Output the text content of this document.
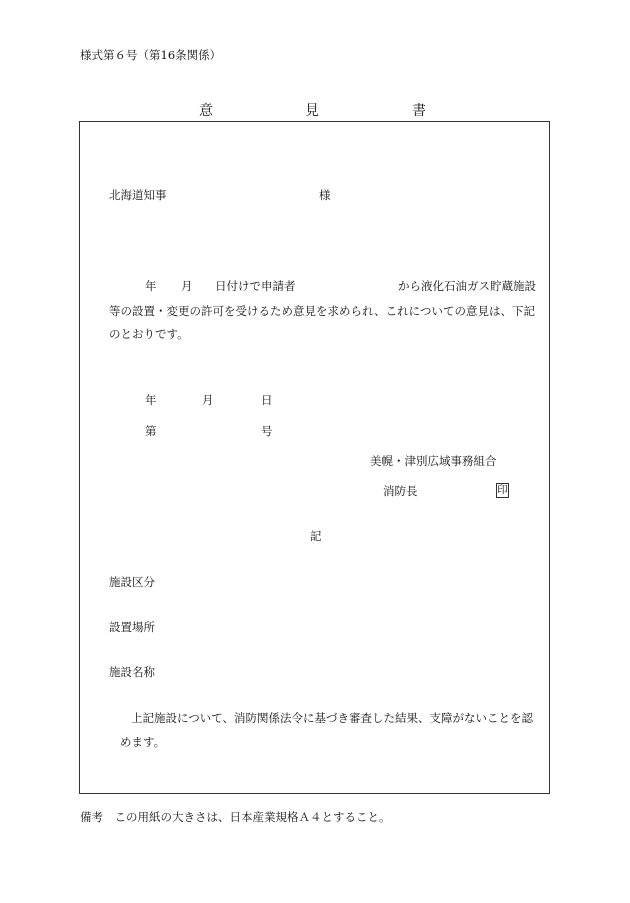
様式第６号（第16条関係）
意	見	書
北海道知事	様
年 月 日付けで申請者	から液化石油ガス貯蔵施設
等の設置・変更の許可を受けるため意見を求められ、これについての意見は、下記
のとおりです。
年	月	日
第	号
美幌・津別広域事務組合
消防長	印
記
施設区分
設置場所
施設名称
上記施設について、消防関係法令に基づき審査した結果、支障がないことを認
めます。
備考　この用紙の大きさは、日本産業規格Ａ４とすること。
